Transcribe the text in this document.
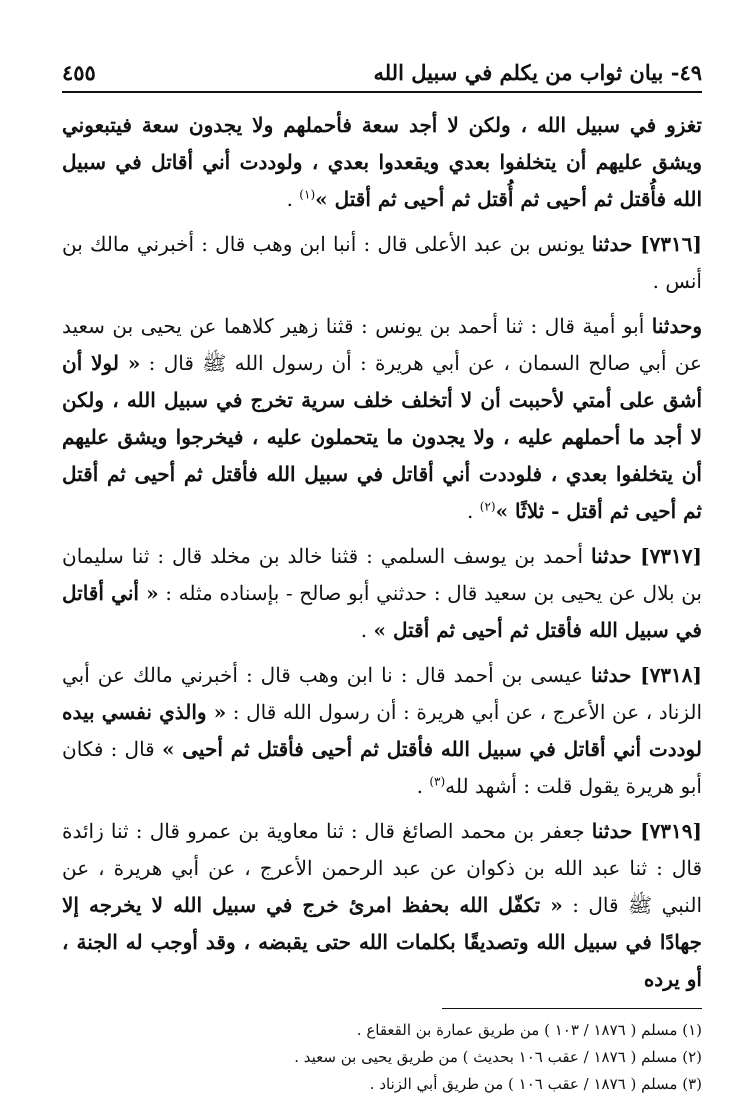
٤٩- بيان ثواب من يكلم في سبيل الله
٤٥٥

تغزو في سبيل الله ، ولكن لا أجد سعة فأحملهم ولا يجدون سعة فيتبعوني ويشق عليهم أن يتخلفوا بعدي ويقعدوا بعدي ، ولوددت أني أقاتل في سبيل الله فأُقتل ثم أحيى ثم أُقتل ثم أحيى ثم أقتل »$^{(١)}$ .

[٧٣١٦] حدثنا يونس بن عبد الأعلى قال : أنبا ابن وهب قال : أخبرني مالك بن أنس .

وحدثنا أبو أمية قال : ثنا أحمد بن يونس : قثنا زهير كلاهما عن يحيى بن سعيد عن أبي صالح السمان ، عن أبي هريرة : أن رسول الله ﷺ قال : « لولا أن أشق على أمتي لأحببت أن لا أتخلف خلف سرية تخرج في سبيل الله ، ولكن لا أجد ما أحملهم عليه ، ولا يجدون ما يتحملون عليه ، فيخرجوا ويشق عليهم أن يتخلفوا بعدي ، فلوددت أني أقاتل في سبيل الله فأقتل ثم أحيى ثم أقتل ثم أحيى ثم أقتل - ثلاثًا »$^{(٢)}$ .

[٧٣١٧] حدثنا أحمد بن يوسف السلمي : قثنا خالد بن مخلد قال : ثنا سليمان بن بلال عن يحيى بن سعيد قال : حدثني أبو صالح - بإسناده مثله : « أني أقاتل في سبيل الله فأقتل ثم أحيى ثم أقتل » .

[٧٣١٨] حدثنا عيسى بن أحمد قال : نا ابن وهب قال : أخبرني مالك عن أبي الزناد ، عن الأعرج ، عن أبي هريرة : أن رسول الله قال : « والذي نفسي بيده لوددت أني أقاتل في سبيل الله فأقتل ثم أحيى فأقتل ثم أحيى » قال : فكان أبو هريرة يقول قلت : أشهد لله$^{(٣)}$ .

[٧٣١٩] حدثنا جعفر بن محمد الصائغ قال : ثنا معاوية بن عمرو قال : ثنا زائدة قال : ثنا عبد الله بن ذكوان عن عبد الرحمن الأعرج ، عن أبي هريرة ، عن النبي ﷺ قال : « تكفّل الله بحفظ امرئ خرج في سبيل الله لا يخرجه إلا جهادًا في سبيل الله وتصديقًا بكلمات الله حتى يقبضه ، وقد أوجب له الجنة ، أو يرده

(١) مسلم ( ١٨٧٦ / ١٠٣ ) من طريق عمارة بن القعقاع .

(٢) مسلم ( ١٨٧٦ / عقب ١٠٦ بحديث ) من طريق يحيى بن سعيد .

(٣) مسلم ( ١٨٧٦ / عقب ١٠٦ ) من طريق أبي الزناد .
